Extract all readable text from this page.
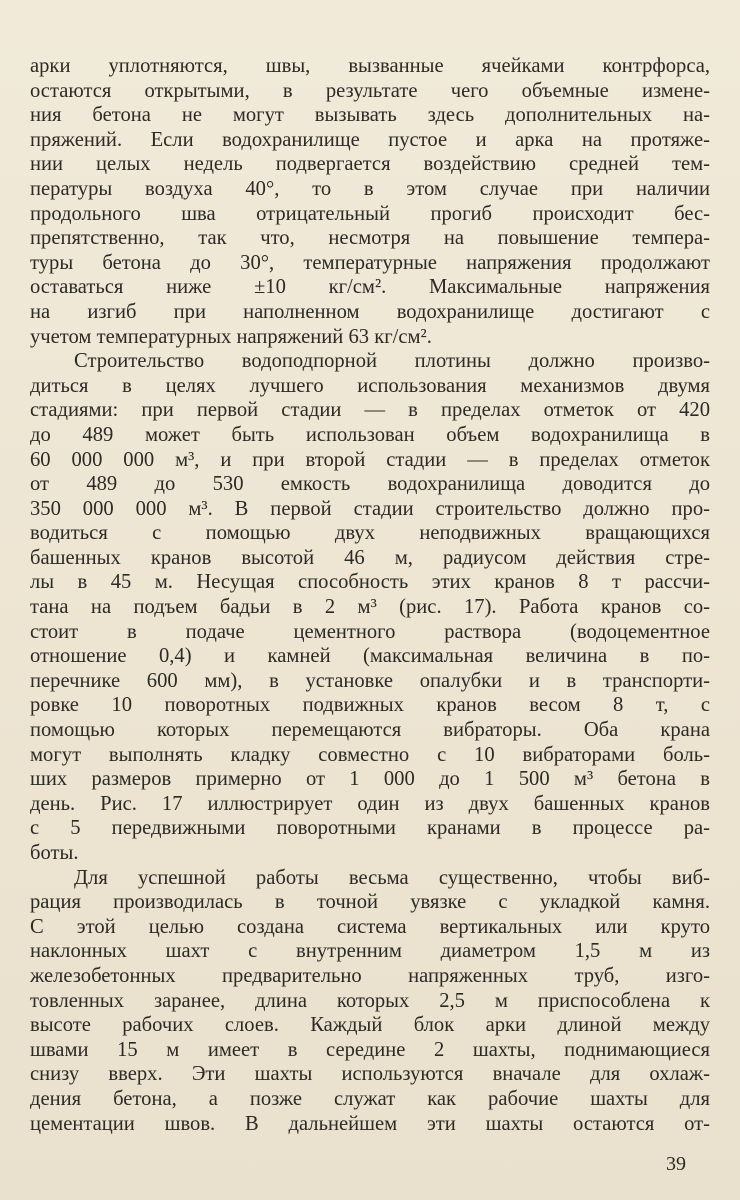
арки уплотняются, швы, вызванные ячейками контрфорса,
остаются открытыми, в результате чего объемные измене-
ния бетона не могут вызывать здесь дополнительных на-
пряжений. Если водохранилище пустое и арка на протяже-
нии целых недель подвергается воздействию средней тем-
пературы воздуха 40°, то в этом случае при наличии
продольного шва отрицательный прогиб происходит бес-
препятственно, так что, несмотря на повышение темпера-
туры бетона до 30°, температурные напряжения продолжают
оставаться ниже ±10 кг/см². Максимальные напряжения
на изгиб при наполненном водохранилище достигают с
учетом температурных напряжений 63 кг/см².
Строительство водоподпорной плотины должно произво-
диться в целях лучшего использования механизмов двумя
стадиями: при первой стадии — в пределах отметок от 420
до 489 может быть использован объем водохранилища в
60 000 000 м³, и при второй стадии — в пределах отметок
от 489 до 530 емкость водохранилища доводится до
350 000 000 м³. В первой стадии строительство должно про-
водиться с помощью двух неподвижных вращающихся
башенных кранов высотой 46 м, радиусом действия стре-
лы в 45 м. Несущая способность этих кранов 8 т рассчи-
тана на подъем бадьи в 2 м³ (рис. 17). Работа кранов со-
стоит в подаче цементного раствора (водоцементное
отношение 0,4) и камней (максимальная величина в по-
перечнике 600 мм), в установке опалубки и в транспорти-
ровке 10 поворотных подвижных кранов весом 8 т, с
помощью которых перемещаются вибраторы. Оба крана
могут выполнять кладку совместно с 10 вибраторами боль-
ших размеров примерно от 1 000 до 1 500 м³ бетона в
день. Рис. 17 иллюстрирует один из двух башенных кранов
с 5 передвижными поворотными кранами в процессе ра-
боты.
Для успешной работы весьма существенно, чтобы виб-
рация производилась в точной увязке с укладкой камня.
С этой целью создана система вертикальных или круто
наклонных шахт с внутренним диаметром 1,5 м из
железобетонных предварительно напряженных труб, изго-
товленных заранее, длина которых 2,5 м приспособлена к
высоте рабочих слоев. Каждый блок арки длиной между
швами 15 м имеет в середине 2 шахты, поднимающиеся
снизу вверх. Эти шахты используются вначале для охлаж-
дения бетона, а позже служат как рабочие шахты для
цементации швов. В дальнейшем эти шахты остаются от-
39
